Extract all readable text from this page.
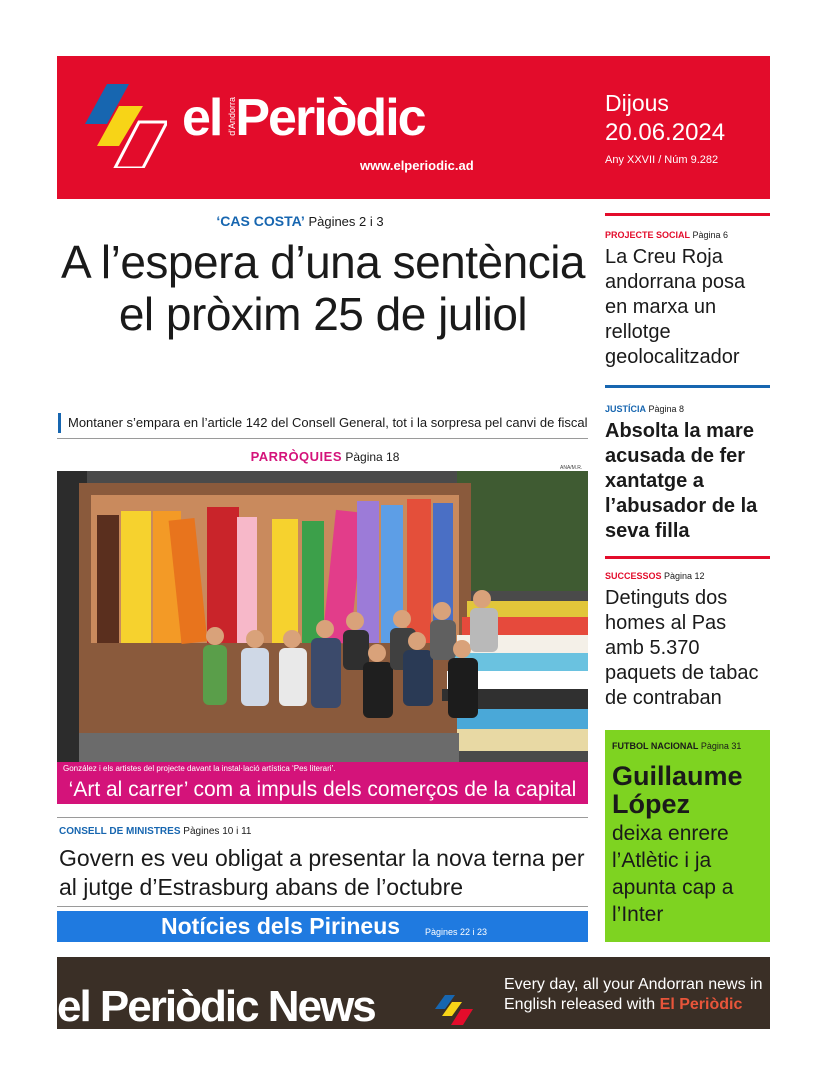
el Periòdic
d'Andorra
www.elperiodic.ad
Dijous
20.06.2024
Any XXVII / Núm 9.282
‘CAS COSTA’ Pàgines 2 i 3
A l’espera d’una sentència el pròxim 25 de juliol
Montaner s’empara en l’article 142 del Consell General, tot i la sorpresa pel canvi de fiscal
PARRÒQUIES Pàgina 18
ANA/M.R.
González i els artistes del projecte davant la instal·lació artística ‘Pes literari’.
‘Art al carrer’ com a impuls dels comerços de la capital
CONSELL DE MINISTRES Pàgines 10 i 11
Govern es veu obligat a presentar la nova terna per al jutge d’Estrasburg abans de l’octubre
Notícies dels Pirineus	Pàgines 22 i 23
PROJECTE SOCIAL Pàgina 6
La Creu Roja andorrana posa en marxa un rellotge geolocalitzador
JUSTÍCIA Pàgina 8
Absolta la mare acusada de fer xantatge a l’abusador de la seva filla
SUCCESSOS Pàgina 12
Detinguts dos homes al Pas amb 5.370 paquets de tabac de contraban
FUTBOL NACIONAL Pàgina 31
Guillaume López
deixa enrere l’Atlètic i ja apunta cap a l’Inter
el Periòdic News	Every day, all your Andorran news in English released with El Periòdic
